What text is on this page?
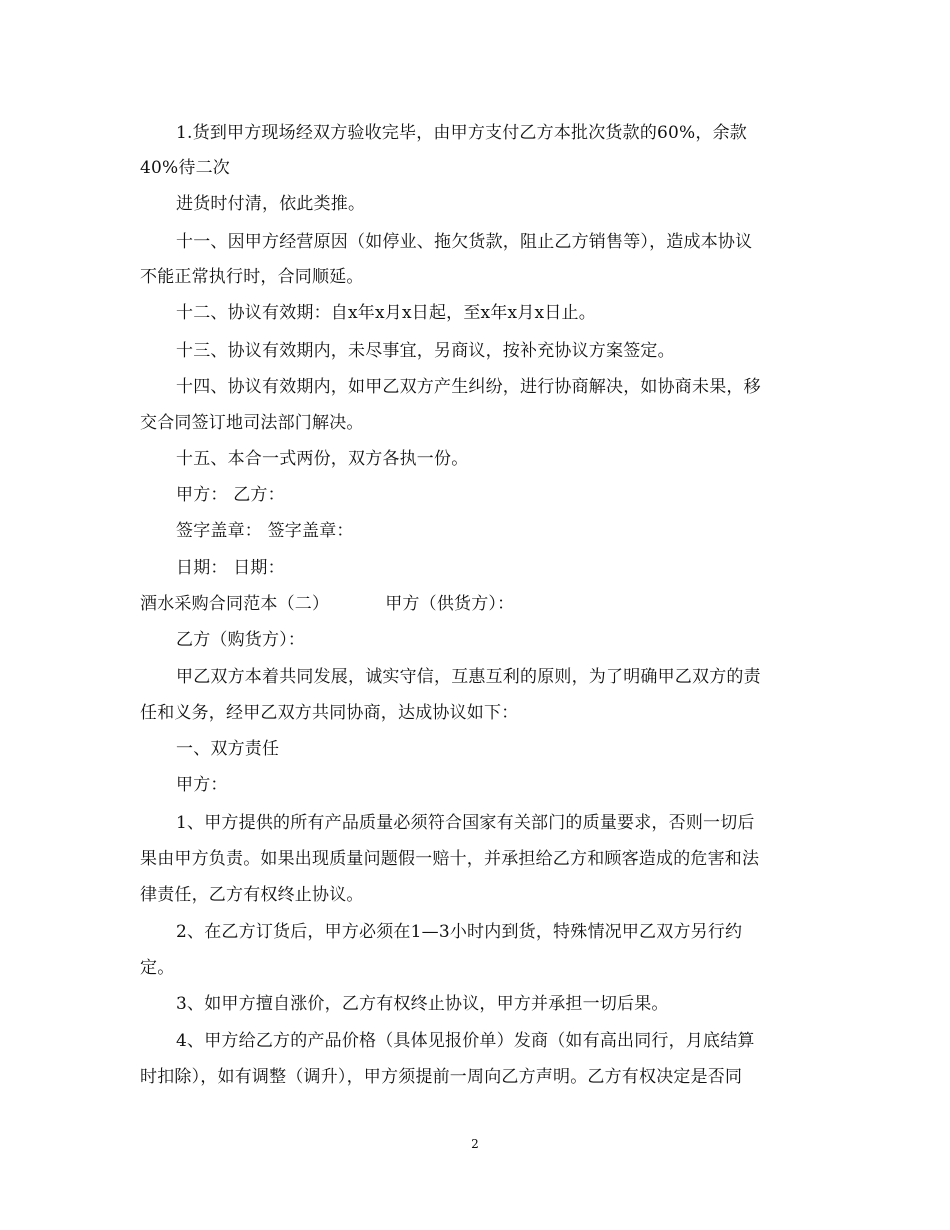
1.货到甲方现场经双方验收完毕，由甲方支付乙方本批次货款的60%，余款
40%待二次
进货时付清，依此类推。
十一、因甲方经营原因（如停业、拖欠货款，阻止乙方销售等），造成本协议
不能正常执行时，合同顺延。
十二、协议有效期：自x年x月x日起，至x年x月x日止。
十三、协议有效期内，未尽事宜，另商议，按补充协议方案签定。
十四、协议有效期内，如甲乙双方产生纠纷，进行协商解决，如协商未果，移
交合同签订地司法部门解决。
十五、本合一式两份，双方各执一份。
甲方： 乙方：
签字盖章： 签字盖章：
日期： 日期：
酒水采购合同范本（二）          甲方（供货方）：
乙方（购货方）：
甲乙双方本着共同发展，诚实守信，互惠互利的原则，为了明确甲乙双方的责
任和义务，经甲乙双方共同协商，达成协议如下：
一、双方责任
甲方：
1、甲方提供的所有产品质量必须符合国家有关部门的质量要求，否则一切后
果由甲方负责。如果出现质量问题假一赔十，并承担给乙方和顾客造成的危害和法
律责任，乙方有权终止协议。
2、在乙方订货后，甲方必须在1—3小时内到货，特殊情况甲乙双方另行约
定。
3、如甲方擅自涨价，乙方有权终止协议，甲方并承担一切后果。
4、甲方给乙方的产品价格（具体见报价单）发商（如有高出同行，月底结算
时扣除），如有调整（调升），甲方须提前一周向乙方声明。乙方有权决定是否同
2
